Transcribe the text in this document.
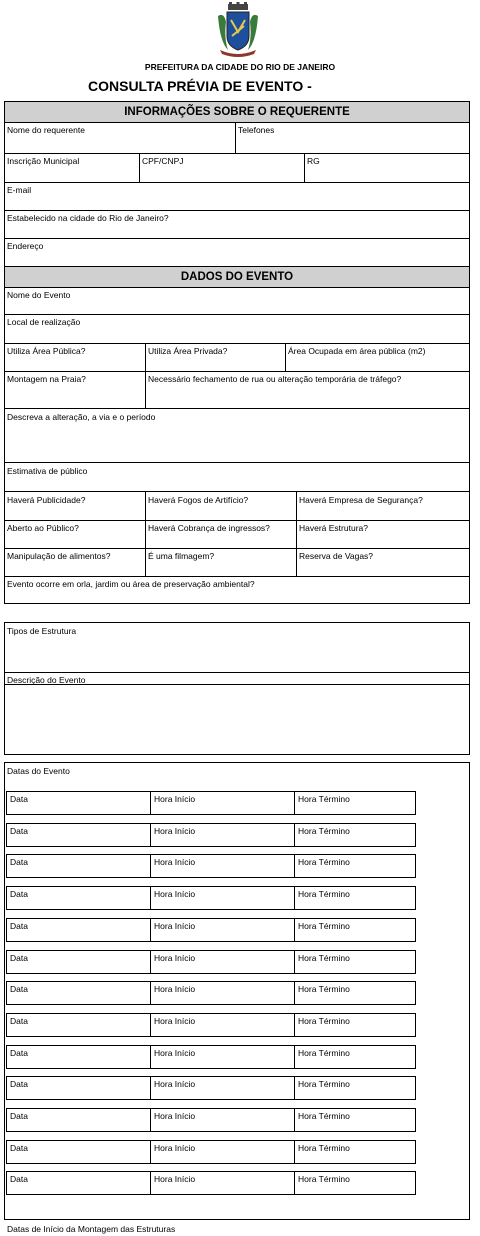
PREFEITURA DA CIDADE DO RIO DE JANEIRO
CONSULTA PRÉVIA DE EVENTO -
INFORMAÇÕES SOBRE O REQUERENTE
Nome do requerente	Telefones
Inscrição Municipal	CPF/CNPJ	RG
E-mail
Estabelecido na cidade do Rio de Janeiro?
Endereço
DADOS DO EVENTO
Nome do Evento
Local de realização
Utiliza Área Pública?	Utiliza Área Privada?	Área Ocupada em área pública (m2)
Montagem na Praia?	Necessário fechamento de rua ou alteração temporária de tráfego?
Descreva a alteração, a via e o período
Estimativa de público
Haverá Publicidade?	Haverá Fogos de Artifício?	Haverá Empresa de Segurança?
Aberto ao Público?	Haverá Cobrança de ingressos?	Haverá Estrutura?
Manipulação de alimentos?	É uma filmagem?	Reserva de Vagas?
Evento ocorre em orla, jardim ou área de preservação ambiental?
Tipos de Estrutura
Descrição do Evento
Datas do Evento
Data	Hora Início	Hora Término
Data	Hora Início	Hora Término
Data	Hora Início	Hora Término
Data	Hora Início	Hora Término
Data	Hora Início	Hora Término
Data	Hora Início	Hora Término
Data	Hora Início	Hora Término
Data	Hora Início	Hora Término
Data	Hora Início	Hora Término
Data	Hora Início	Hora Término
Data	Hora Início	Hora Término
Data	Hora Início	Hora Término
Data	Hora Início	Hora Término
Datas de Início da Montagem das Estruturas
